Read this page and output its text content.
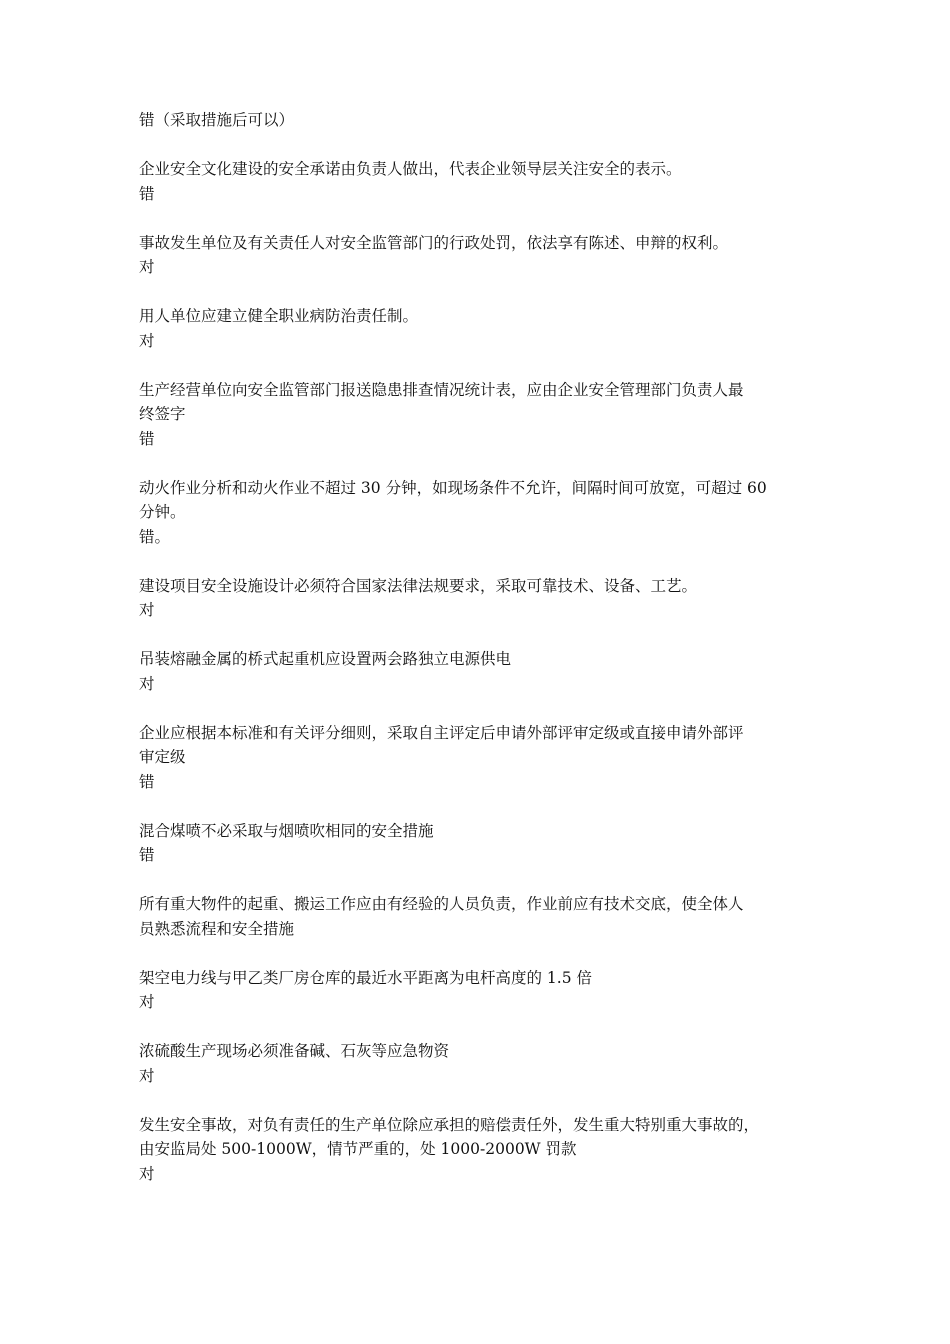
错（采取措施后可以）
企业安全文化建设的安全承诺由负责人做出，代表企业领导层关注安全的表示。
错
事故发生单位及有关责任人对安全监管部门的行政处罚，依法享有陈述、申辩的权利。
对
用人单位应建立健全职业病防治责任制。
对
生产经营单位向安全监管部门报送隐患排查情况统计表，应由企业安全管理部门负责人最
终签字
错
动火作业分析和动火作业不超过 30 分钟，如现场条件不允许，间隔时间可放宽，可超过 60
分钟。
错。
建设项目安全设施设计必须符合国家法律法规要求，采取可靠技术、设备、工艺。
对
吊装熔融金属的桥式起重机应设置两会路独立电源供电
对
企业应根据本标准和有关评分细则，采取自主评定后申请外部评审定级或直接申请外部评
审定级
错
混合煤喷不必采取与烟喷吹相同的安全措施
错
所有重大物件的起重、搬运工作应由有经验的人员负责，作业前应有技术交底，使全体人
员熟悉流程和安全措施
架空电力线与甲乙类厂房仓库的最近水平距离为电杆高度的 1.5 倍
对
浓硫酸生产现场必须准备碱、石灰等应急物资
对
发生安全事故，对负有责任的生产单位除应承担的赔偿责任外，发生重大特别重大事故的，
由安监局处 500-1000W，情节严重的，处 1000-2000W 罚款
对
